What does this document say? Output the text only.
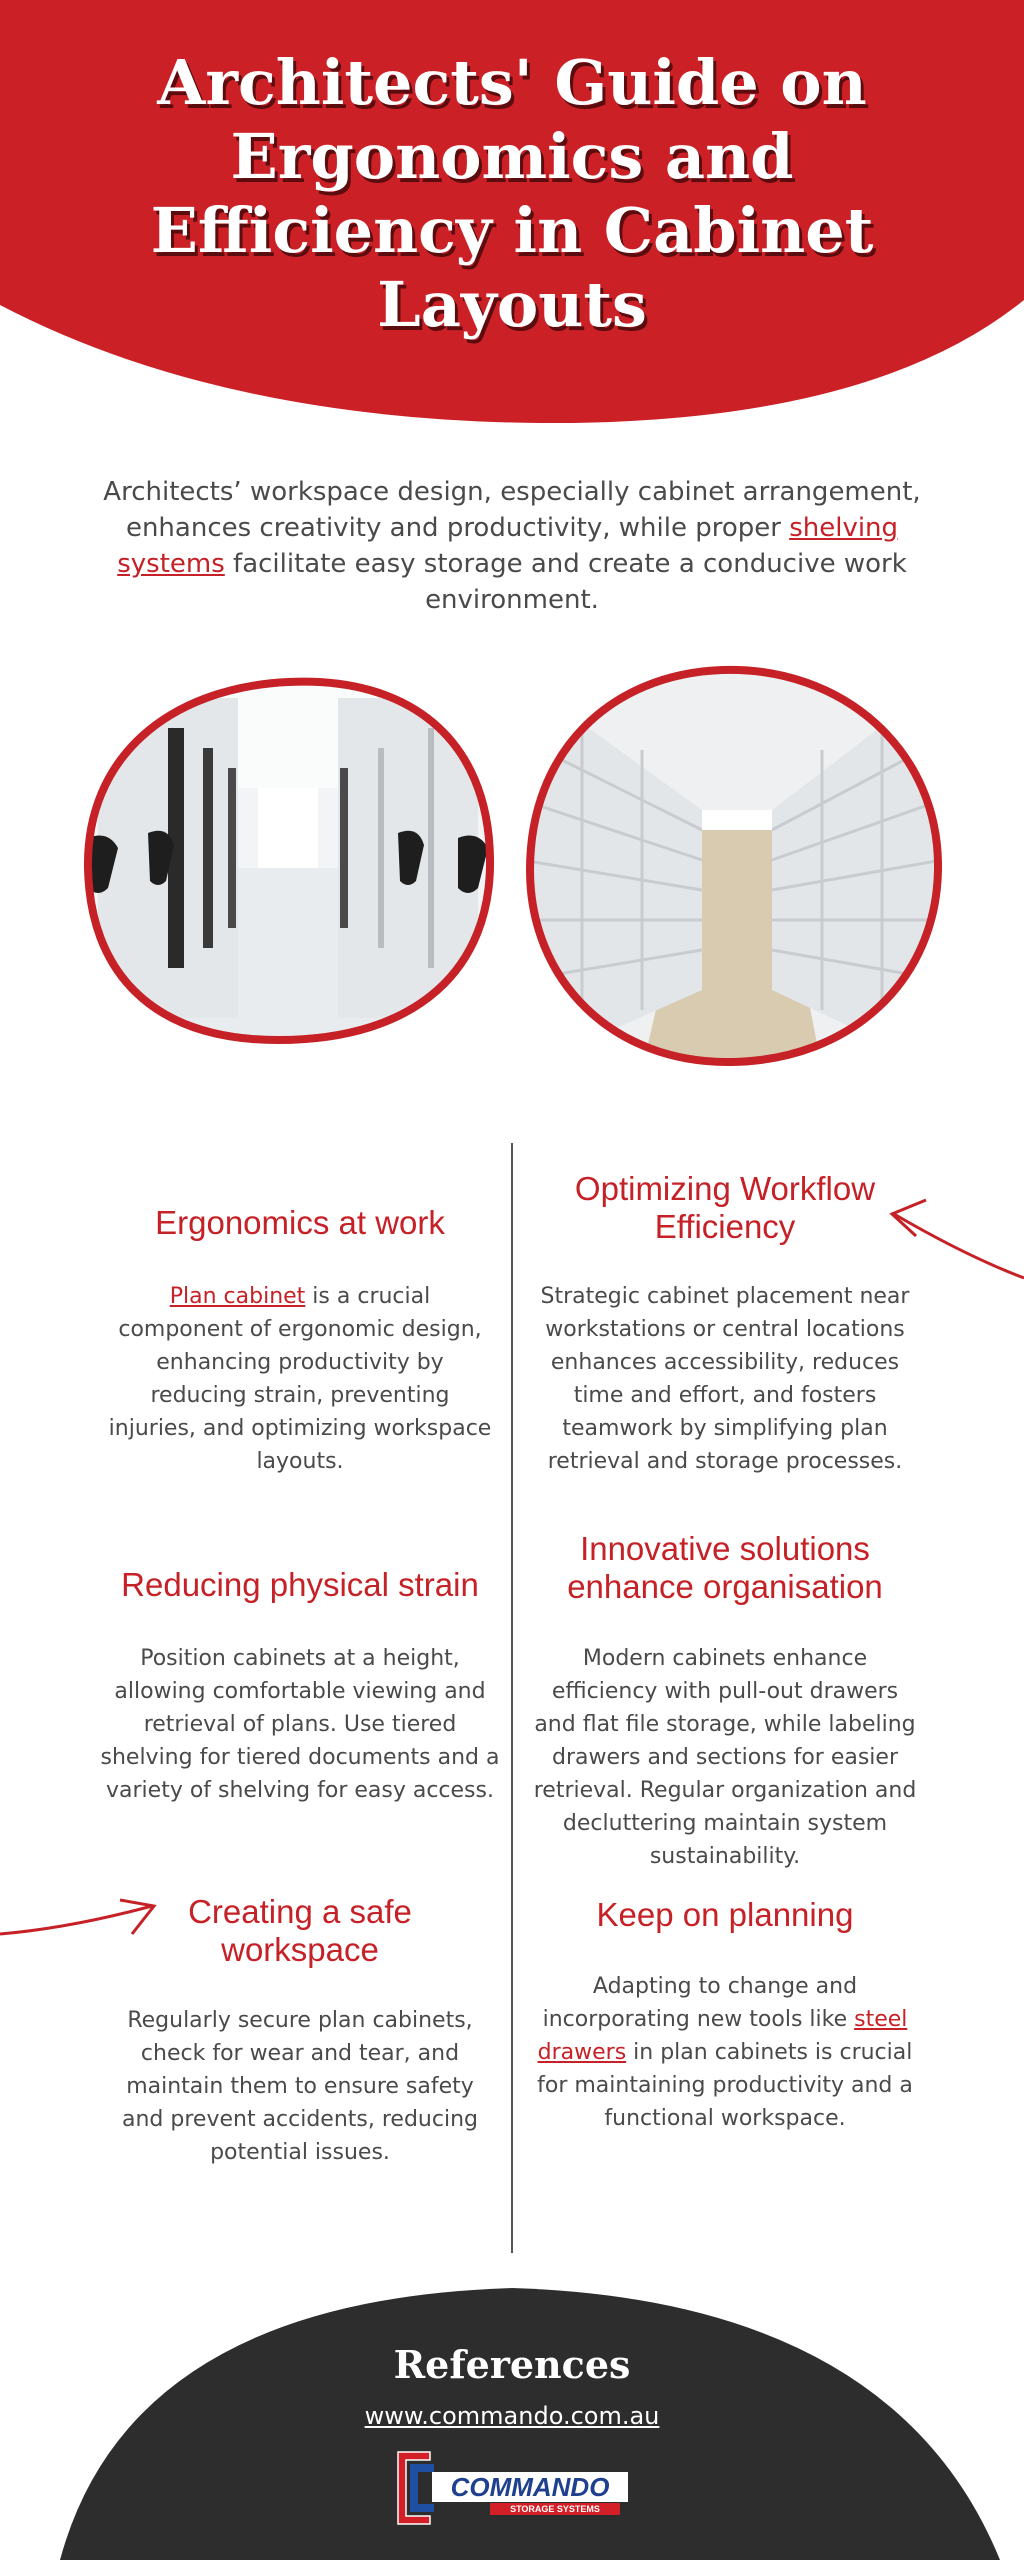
Architects' Guide on Ergonomics and Efficiency in Cabinet Layouts

Architects’ workspace design, especially cabinet arrangement, enhances creativity and productivity, while proper shelving systems facilitate easy storage and create a conducive work environment.

Ergonomics at work

Plan cabinet is a crucial component of ergonomic design, enhancing productivity by reducing strain, preventing injuries, and optimizing workspace layouts.

Optimizing Workflow Efficiency

Strategic cabinet placement near workstations or central locations enhances accessibility, reduces time and effort, and fosters teamwork by simplifying plan retrieval and storage processes.

Reducing physical strain

Position cabinets at a height, allowing comfortable viewing and retrieval of plans. Use tiered shelving for tiered documents and a variety of shelving for easy access.

Innovative solutions enhance organisation

Modern cabinets enhance efficiency with pull-out drawers and flat file storage, while labeling drawers and sections for easier retrieval. Regular organization and decluttering maintain system sustainability.

Creating a safe workspace

Regularly secure plan cabinets, check for wear and tear, and maintain them to ensure safety and prevent accidents, reducing potential issues.

Keep on planning

Adapting to change and incorporating new tools like steel drawers in plan cabinets is crucial for maintaining productivity and a functional workspace.

References
www.commando.com.au
COMMANDO
STORAGE SYSTEMS
